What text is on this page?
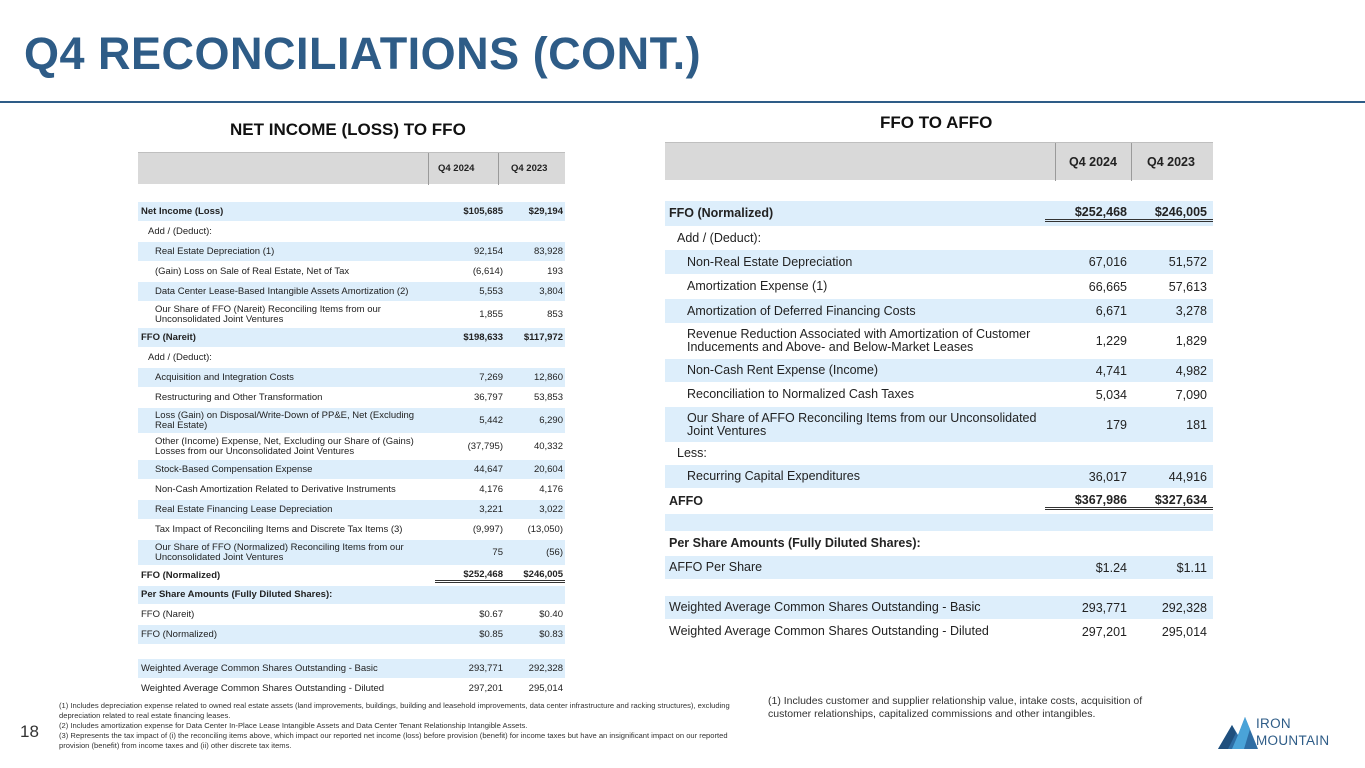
Q4 RECONCILIATIONS (CONT.)
NET INCOME (LOSS) TO FFO	FFO TO AFFO
Q4 2024	Q4 2023
Net Income (Loss)	$105,685	$29,194
Add / (Deduct):
Real Estate Depreciation (1)	92,154	83,928
(Gain) Loss on Sale of Real Estate, Net of Tax	(6,614)	193
Data Center Lease-Based Intangible Assets Amortization (2)	5,553	3,804
Our Share of FFO (Nareit) Reconciling Items from our Unconsolidated Joint Ventures	1,855	853
FFO (Nareit)	$198,633	$117,972
Add / (Deduct):
Acquisition and Integration Costs	7,269	12,860
Restructuring and Other Transformation	36,797	53,853
Loss (Gain) on Disposal/Write-Down of PP&E, Net (Excluding Real Estate)	5,442	6,290
Other (Income) Expense, Net, Excluding our Share of (Gains) Losses from our Unconsolidated Joint Ventures	(37,795)	40,332
Stock-Based Compensation Expense	44,647	20,604
Non-Cash Amortization Related to Derivative Instruments	4,176	4,176
Real Estate Financing Lease Depreciation	3,221	3,022
Tax Impact of Reconciling Items and Discrete Tax Items (3)	(9,997)	(13,050)
Our Share of FFO (Normalized) Reconciling Items from our Unconsolidated Joint Ventures	75	(56)
FFO (Normalized)	$252,468	$246,005
Per Share Amounts (Fully Diluted Shares):
FFO (Nareit)	$0.67	$0.40
FFO (Normalized)	$0.85	$0.83
Weighted Average Common Shares Outstanding - Basic	293,771	292,328
Weighted Average Common Shares Outstanding - Diluted	297,201	295,014
Q4 2024 Q4 2023
FFO (Normalized)	$252,468	$246,005
Add / (Deduct):
Non-Real Estate Depreciation	67,016	51,572
Amortization Expense (1)	66,665	57,613
Amortization of Deferred Financing Costs	6,671	3,278
Revenue Reduction Associated with Amortization of Customer Inducements and Above- and Below-Market Leases	1,229	1,829
Non-Cash Rent Expense (Income)	4,741	4,982
Reconciliation to Normalized Cash Taxes	5,034	7,090
Our Share of AFFO Reconciling Items from our Unconsolidated Joint Ventures	179	181
Less:
Recurring Capital Expenditures	36,017	44,916
AFFO	$367,986	$327,634
Per Share Amounts (Fully Diluted Shares):
AFFO Per Share	$1.24	$1.11
Weighted Average Common Shares Outstanding - Basic	293,771	292,328
Weighted Average Common Shares Outstanding - Diluted	297,201	295,014
(1) Includes depreciation expense related to owned real estate assets (land improvements, buildings, building and leasehold improvements, data center infrastructure and racking structures), excluding depreciation related to real estate financing leases.
(2) Includes amortization expense for Data Center In-Place Lease Intangible Assets and Data Center Tenant Relationship Intangible Assets.
(3) Represents the tax impact of (i) the reconciling items above, which impact our reported net income (loss) before provision (benefit) for income taxes but have an insignificant impact on our reported provision (benefit) from income taxes and (ii) other discrete tax items.
(1) Includes customer and supplier relationship value, intake costs, acquisition of customer relationships, capitalized commissions and other intangibles.
18	IRON
MOUNTAIN
